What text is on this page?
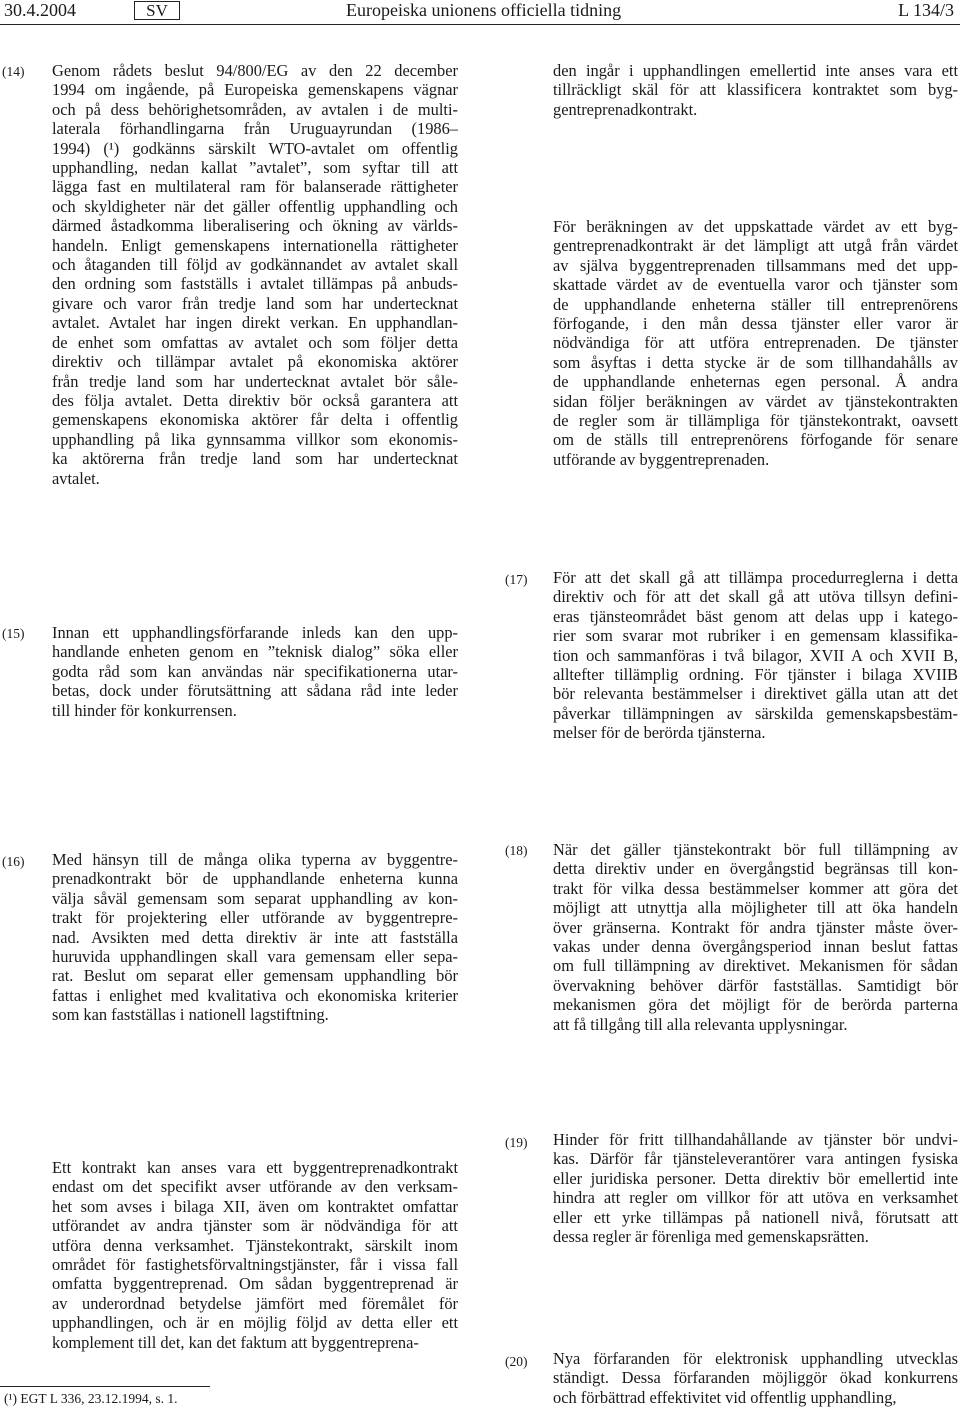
30.4.2004	SV	Europeiska unionens officiella tidning	L 134/3
(14) Genom rådets beslut 94/800/EG av den 22 december
1994 om ingående, på Europeiska gemenskapens vägnar
och på dess behörighetsområden, av avtalen i de multi-
laterala förhandlingarna från Uruguayrundan (1986–
1994) (¹) godkänns särskilt WTO-avtalet om offentlig
upphandling, nedan kallat ”avtalet”, som syftar till att
lägga fast en multilateral ram för balanserade rättigheter
och skyldigheter när det gäller offentlig upphandling och
därmed åstadkomma liberalisering och ökning av världs-
handeln. Enligt gemenskapens internationella rättigheter
och åtaganden till följd av godkännandet av avtalet skall
den ordning som fastställs i avtalet tillämpas på anbuds-
givare och varor från tredje land som har undertecknat
avtalet. Avtalet har ingen direkt verkan. En upphandlan-
de enhet som omfattas av avtalet och som följer detta
direktiv och tillämpar avtalet på ekonomiska aktörer
från tredje land som har undertecknat avtalet bör såle-
des följa avtalet. Detta direktiv bör också garantera att
gemenskapens ekonomiska aktörer får delta i offentlig
upphandling på lika gynnsamma villkor som ekonomis-
ka aktörerna från tredje land som har undertecknat
avtalet.
den ingår i upphandlingen emellertid inte anses vara ett
tillräckligt skäl för att klassificera kontraktet som byg-
gentreprenadkontrakt.
För beräkningen av det uppskattade värdet av ett byg-
gentreprenadkontrakt är det lämpligt att utgå från värdet
av själva byggentreprenaden tillsammans med det upp-
skattade värdet av de eventuella varor och tjänster som
de upphandlande enheterna ställer till entreprenörens
förfogande, i den mån dessa tjänster eller varor är
nödvändiga för att utföra entreprenaden. De tjänster
som åsyftas i detta stycke är de som tillhandahålls av
de upphandlande enheternas egen personal. Å andra
sidan följer beräkningen av värdet av tjänstekontrakten
de regler som är tillämpliga för tjänstekontrakt, oavsett
om de ställs till entreprenörens förfogande för senare
utförande av byggentreprenaden.
(17) För att det skall gå att tillämpa procedurreglerna i detta
direktiv och för att det skall gå att utöva tillsyn defini-
eras tjänsteområdet bäst genom att delas upp i katego-
rier som svarar mot rubriker i en gemensam klassifika-
tion och sammanföras i två bilagor, XVII A och XVII B,
alltefter tillämplig ordning. För tjänster i bilaga XVIIB
bör relevanta bestämmelser i direktivet gälla utan att det
påverkar tillämpningen av särskilda gemenskapsbestäm-
melser för de berörda tjänsterna.
(15) Innan ett upphandlingsförfarande inleds kan den upp-
handlande enheten genom en ”teknisk dialog” söka eller
godta råd som kan användas när specifikationerna utar-
betas, dock under förutsättning att sådana råd inte leder
till hinder för konkurrensen.
(18) När det gäller tjänstekontrakt bör full tillämpning av
detta direktiv under en övergångstid begränsas till kon-
trakt för vilka dessa bestämmelser kommer att göra det
möjligt att utnyttja alla möjligheter till att öka handeln
över gränserna. Kontrakt för andra tjänster måste över-
vakas under denna övergångsperiod innan beslut fattas
om full tillämpning av direktivet. Mekanismen för sådan
övervakning behöver därför fastställas. Samtidigt bör
mekanismen göra det möjligt för de berörda parterna
att få tillgång till alla relevanta upplysningar.
(16) Med hänsyn till de många olika typerna av byggentre-
prenadkontrakt bör de upphandlande enheterna kunna
välja såväl gemensam som separat upphandling av kon-
trakt för projektering eller utförande av byggentrepre-
nad. Avsikten med detta direktiv är inte att fastställa
huruvida upphandlingen skall vara gemensam eller sepa-
rat. Beslut om separat eller gemensam upphandling bör
fattas i enlighet med kvalitativa och ekonomiska kriterier
som kan fastställas i nationell lagstiftning.
Ett kontrakt kan anses vara ett byggentreprenadkontrakt
endast om det specifikt avser utförande av den verksam-
het som avses i bilaga XII, även om kontraktet omfattar
utförandet av andra tjänster som är nödvändiga för att
utföra denna verksamhet. Tjänstekontrakt, särskilt inom
området för fastighetsförvaltningstjänster, får i vissa fall
omfatta byggentreprenad. Om sådan byggentreprenad är
av underordnad betydelse jämfört med föremålet för
upphandlingen, och är en möjlig följd av detta eller ett
komplement till det, kan det faktum att byggentreprena-
(19) Hinder för fritt tillhandahållande av tjänster bör undvi-
kas. Därför får tjänsteleverantörer vara antingen fysiska
eller juridiska personer. Detta direktiv bör emellertid inte
hindra att regler om villkor för att utöva en verksamhet
eller ett yrke tillämpas på nationell nivå, förutsatt att
dessa regler är förenliga med gemenskapsrätten.
(20) Nya förfaranden för elektronisk upphandling utvecklas
ständigt. Dessa förfaranden möjliggör ökad konkurrens
och förbättrad effektivitet vid offentlig upphandling,
(¹) EGT L 336, 23.12.1994, s. 1.
